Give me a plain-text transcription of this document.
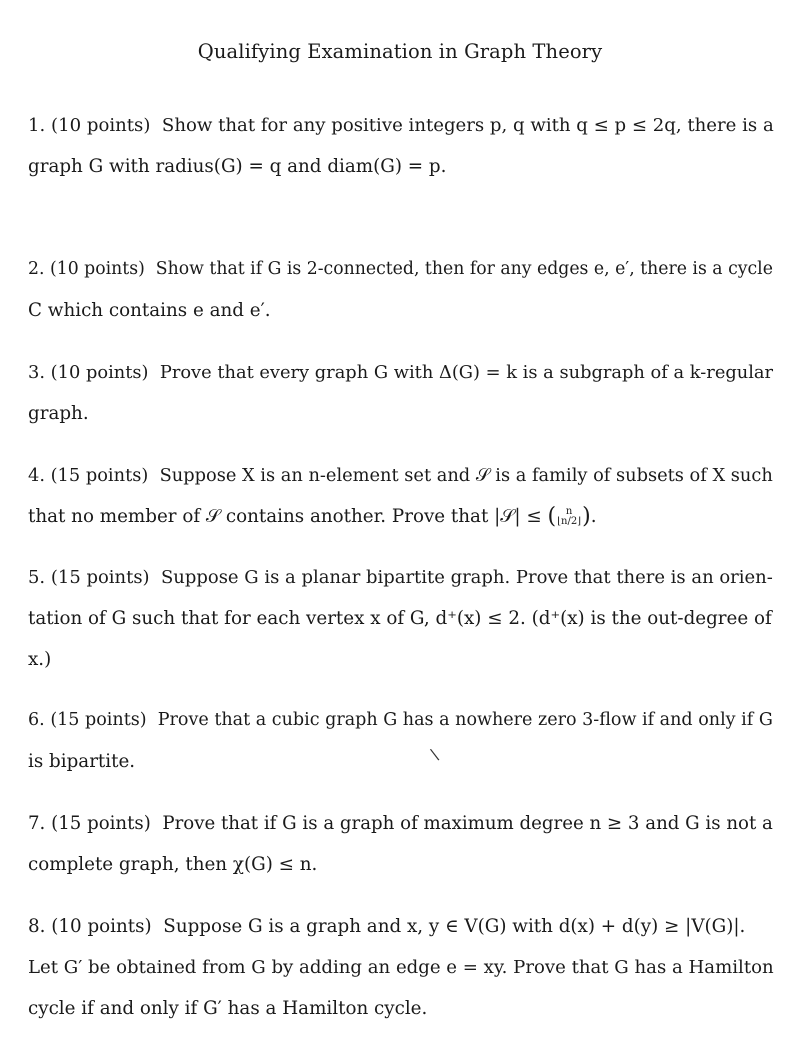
Qualifying Examination in Graph Theory
1. (10 points) Show that for any positive integers p, q with q ≤ p ≤ 2q, there is a
graph G with radius(G) = q and diam(G) = p.
2. (10 points) Show that if G is 2-connected, then for any edges e, e′, there is a cycle
C which contains e and e′.
3. (10 points) Prove that every graph G with Δ(G) = k is a subgraph of a k-regular
graph.
4. (15 points) Suppose X is an n-element set and 𝒮 is a family of subsets of X such
that no member of 𝒮 contains another. Prove that |𝒮| ≤ ( n
⌊n/2⌋ ) .
5. (15 points) Suppose G is a planar bipartite graph. Prove that there is an orien-
tation of G such that for each vertex x of G, d⁺(x) ≤ 2. (d⁺(x) is the out-degree of
x.)
6. (15 points) Prove that a cubic graph G has a nowhere zero 3-flow if and only if G
is bipartite.	\
7. (15 points) Prove that if G is a graph of maximum degree n ≥ 3 and G is not a
complete graph, then χ(G) ≤ n.
8. (10 points) Suppose G is a graph and x, y ∈ V(G) with d(x) + d(y) ≥ |V(G)|.
Let G′ be obtained from G by adding an edge e = xy. Prove that G has a Hamilton
cycle if and only if G′ has a Hamilton cycle.
